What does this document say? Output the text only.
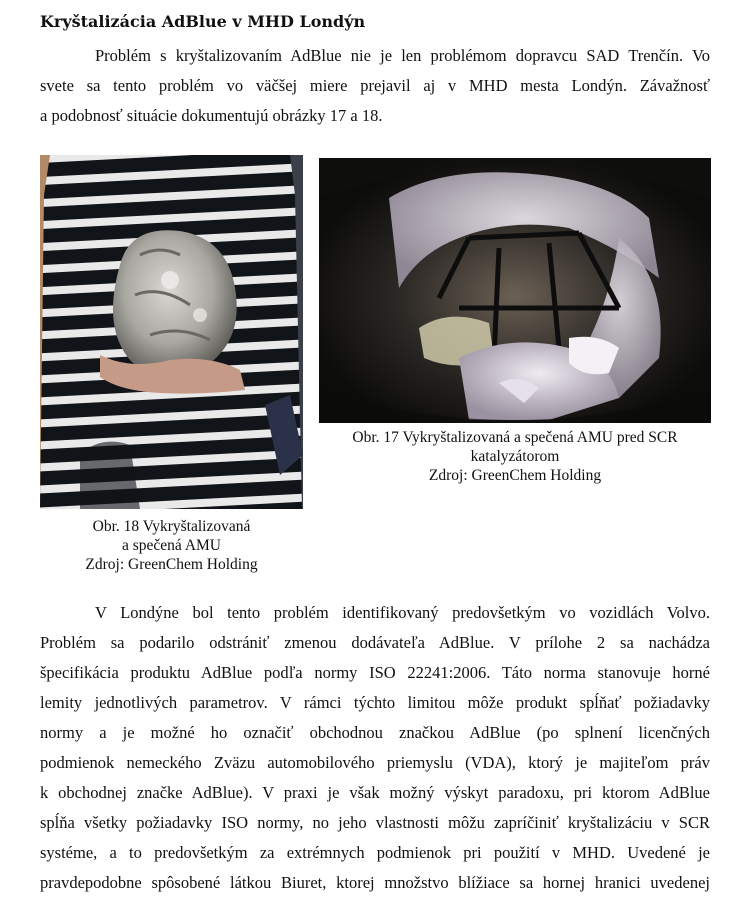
Kryštalizácia AdBlue v MHD Londýn
Problém s kryštalizovaním AdBlue nie je len problémom dopravcu SAD Trenčín. Vo
svete sa tento problém vo väčšej miere prejavil aj v MHD mesta Londýn. Závažnosť
a podobnosť situácie dokumentujú obrázky 17 a 18.
Obr. 18 Vykryštalizovaná
a spečená AMU
Zdroj: GreenChem Holding
Obr. 17 Vykryštalizovaná a spečená AMU pred SCR
katalyzátorom
Zdroj: GreenChem Holding
V Londýne bol tento problém identifikovaný predovšetkým vo vozidlách Volvo.
Problém sa podarilo odstrániť zmenou dodávateľa AdBlue. V prílohe 2 sa nachádza
špecifikácia produktu AdBlue podľa normy ISO 22241:2006. Táto norma stanovuje horné
lemity jednotlivých parametrov. V rámci týchto limitou môže produkt spĺňať požiadavky
normy a je možné ho označiť obchodnou značkou AdBlue (po splnení licenčných
podmienok nemeckého Zväzu automobilového priemyslu (VDA), ktorý je majiteľom práv
k obchodnej značke AdBlue). V praxi je však možný výskyt paradoxu, pri ktorom AdBlue
spĺňa všetky požiadavky ISO normy, no jeho vlastnosti môžu zapríčiniť kryštalizáciu v SCR
systéme, a to predovšetkým za extrémnych podmienok pri použití v MHD. Uvedené je
pravdepodobne spôsobené látkou Biuret, ktorej množstvo blížiace sa hornej hranici uvedenej
